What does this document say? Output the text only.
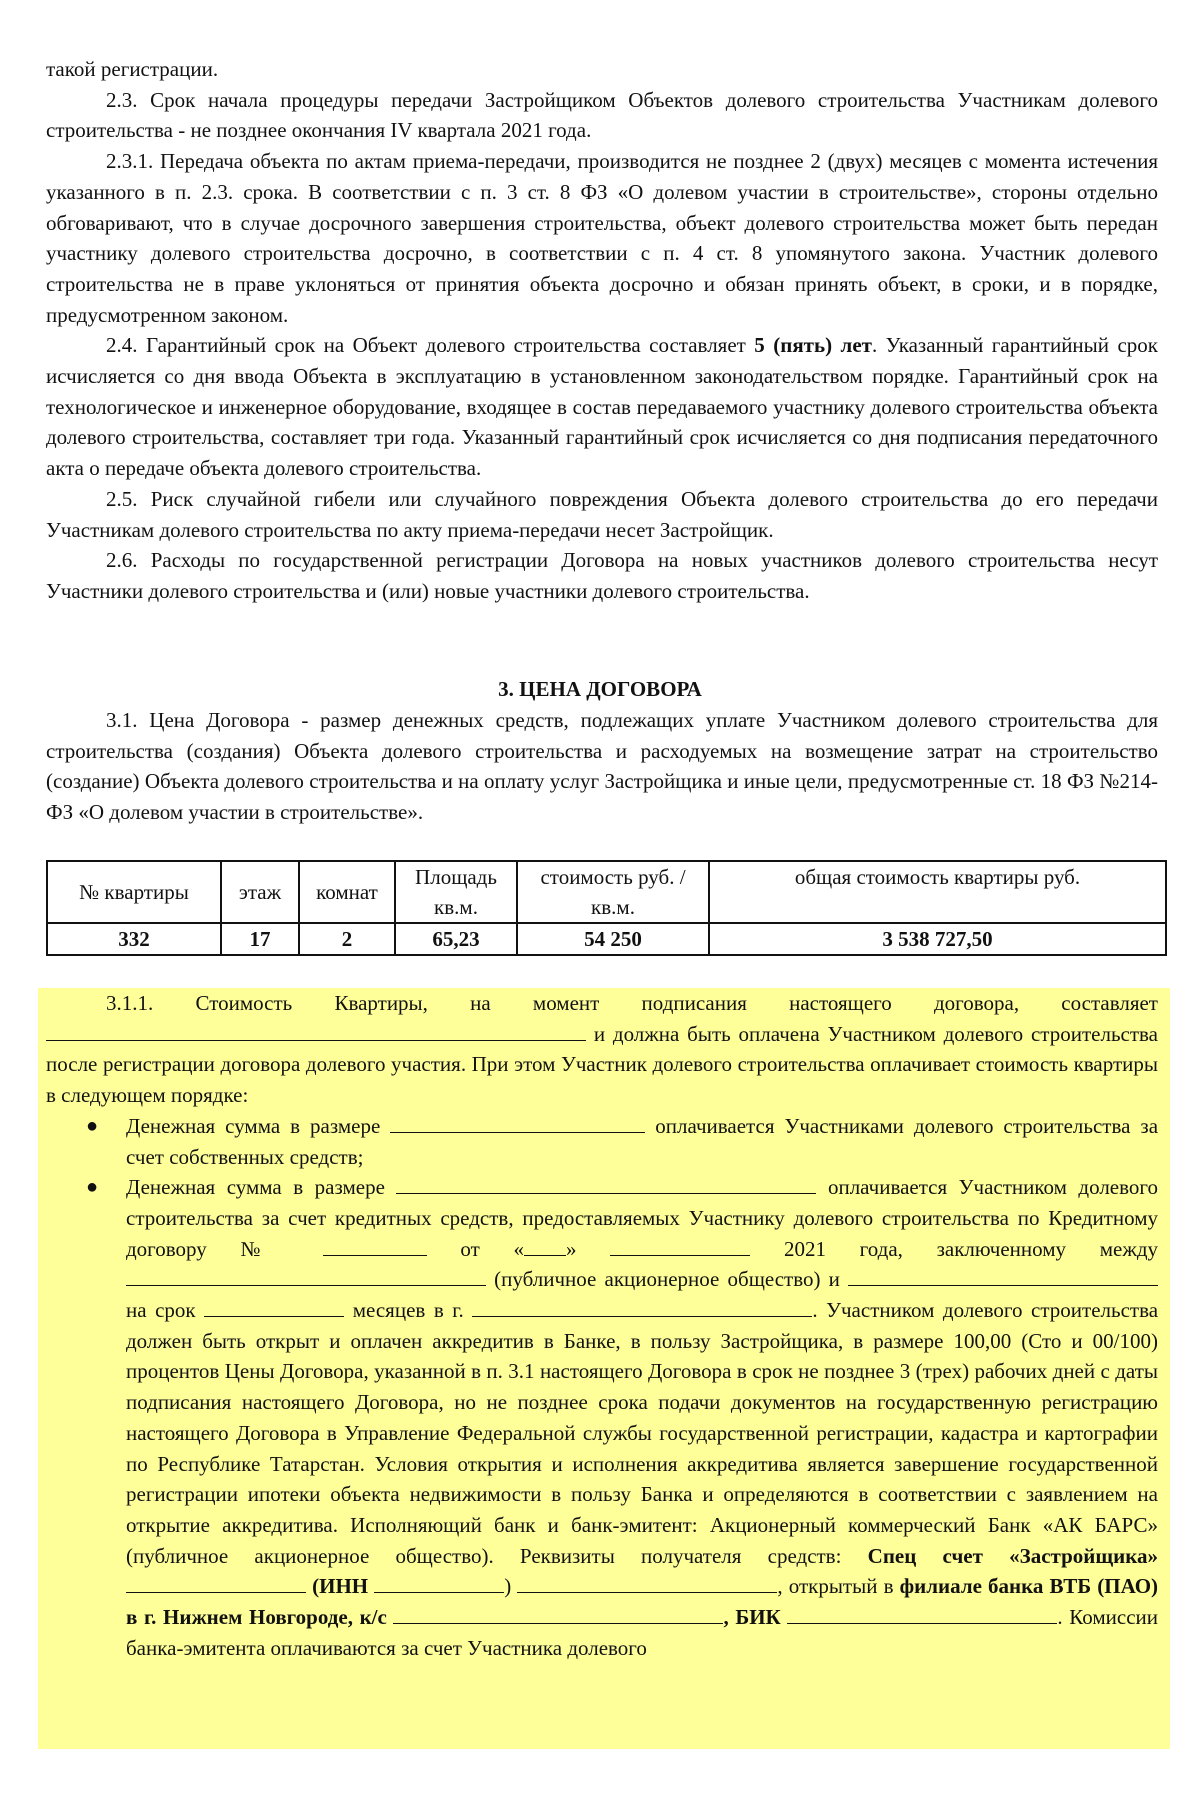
такой регистрации.

2.3. Срок начала процедуры передачи Застройщиком Объектов долевого строительства Участникам долевого строительства - не позднее окончания IV квартала 2021 года.

2.3.1. Передача объекта по актам приема-передачи, производится не позднее 2 (двух) месяцев с момента истечения указанного в п. 2.3. срока. В соответствии с п. 3 ст. 8 ФЗ «О долевом участии в строительстве», стороны отдельно обговаривают, что в случае досрочного завершения строительства, объект долевого строительства может быть передан участнику долевого строительства досрочно, в соответствии с п. 4 ст. 8 упомянутого закона. Участник долевого строительства не в праве уклоняться от принятия объекта досрочно и обязан принять объект, в сроки, и в порядке, предусмотренном законом.

2.4. Гарантийный срок на Объект долевого строительства составляет 5 (пять) лет. Указанный гарантийный срок исчисляется со дня ввода Объекта в эксплуатацию в установленном законодательством порядке. Гарантийный срок на технологическое и инженерное оборудование, входящее в состав передаваемого участнику долевого строительства объекта долевого строительства, составляет три года. Указанный гарантийный срок исчисляется со дня подписания передаточного акта о передаче объекта долевого строительства.

2.5. Риск случайной гибели или случайного повреждения Объекта долевого строительства до его передачи Участникам долевого строительства по акту приема-передачи несет Застройщик.

2.6. Расходы по государственной регистрации Договора на новых участников долевого строительства несут Участники долевого строительства и (или) новые участники долевого строительства.

3. ЦЕНА ДОГОВОРА

3.1. Цена Договора - размер денежных средств, подлежащих уплате Участником долевого строительства для строительства (создания) Объекта долевого строительства и расходуемых на возмещение затрат на строительство (создание) Объекта долевого строительства и на оплату услуг Застройщика и иные цели, предусмотренные ст. 18 ФЗ №214-ФЗ «О долевом участии в строительстве».

№ квартиры	этаж	комнат	Площадь кв.м.	стоимость руб. / кв.м.	общая стоимость квартиры руб.
332	17	2	65,23	54 250	3 538 727,50

3.1.1. Стоимость Квартиры, на момент подписания настоящего договора, составляет  и должна быть оплачена Участником долевого строительства после регистрации договора долевого участия. При этом Участник долевого строительства оплачивает стоимость квартиры в следующем порядке:

● Денежная сумма в размере	оплачивается Участниками долевого строительства за счет собственных средств;

● Денежная сумма в размере	оплачивается Участником долевого строительства за счет кредитных средств, предоставляемых Участнику долевого строительства по Кредитному договору №	от « »	2021 года, заключенному между  (публичное акционерное общество) и  на срок	месяцев в г.	. Участником долевого строительства должен быть открыт и оплачен аккредитив в Банке, в пользу Застройщика, в размере 100,00 (Сто и 00/100) процентов Цены Договора, указанной в п. 3.1 настоящего Договора в срок не позднее 3 (трех) рабочих дней с даты подписания настоящего Договора, но не позднее срока подачи документов на государственную регистрацию настоящего Договора в Управление Федеральной службы государственной регистрации, кадастра и картографии по Республике Татарстан. Условия открытия и исполнения аккредитива является завершение государственной регистрации ипотеки объекта недвижимости в пользу Банка и определяются в соответствии с заявлением на открытие аккредитива. Исполняющий банк и банк-эмитент: Акционерный коммерческий Банк «АК БАРС» (публичное акционерное общество). Реквизиты получателя средств: Спец счет «Застройщика»  (ИНН	)	, открытый в филиале банка ВТБ (ПАО) в г. Нижнем Новгороде, к/с	, БИК	. Комиссии банка-эмитента оплачиваются за счет Участника долевого
